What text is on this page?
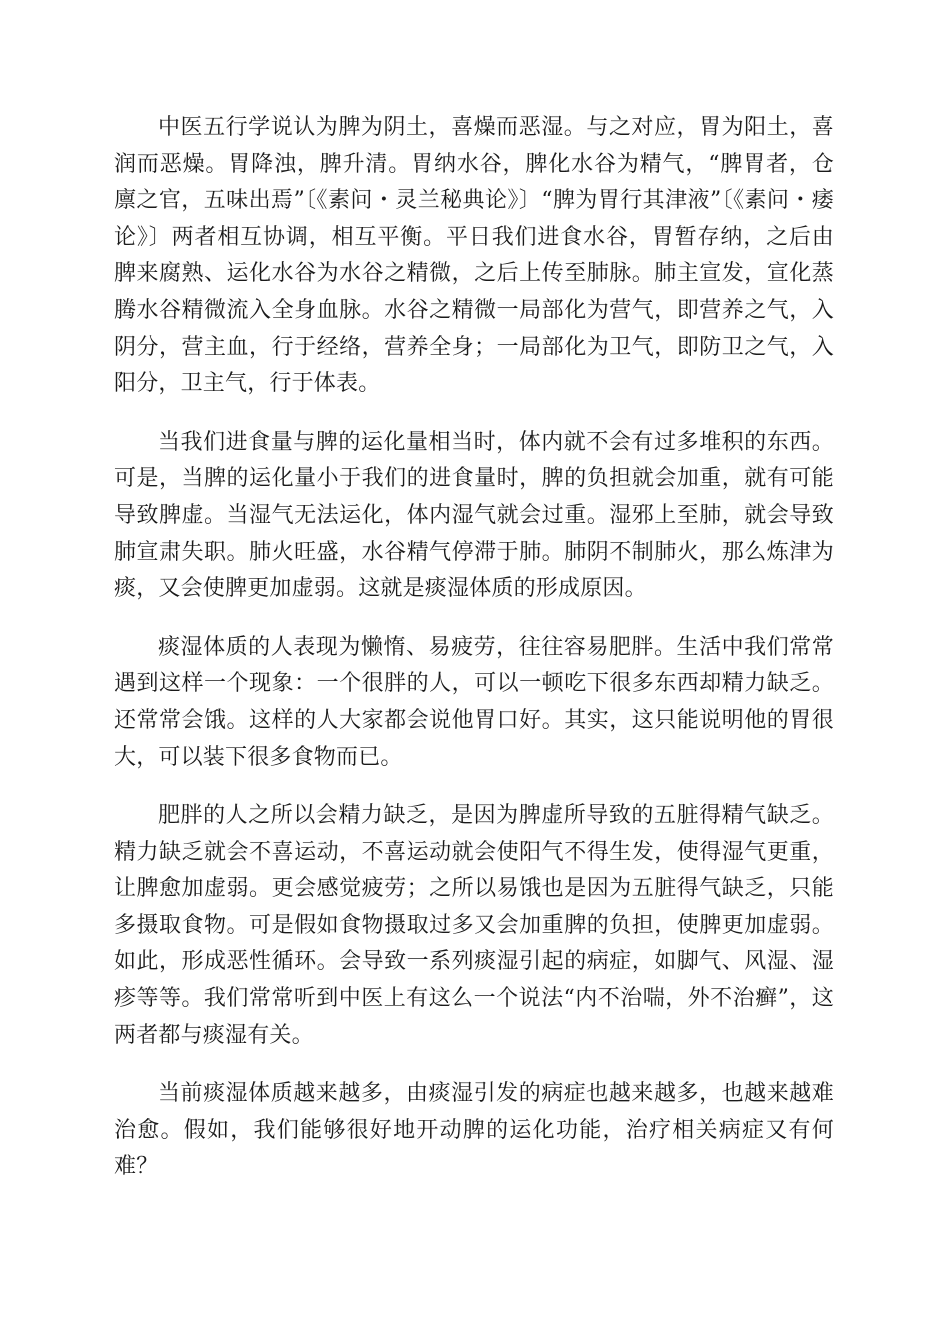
中医五行学说认为脾为阴土，喜燥而恶湿。与之对应，胃为阳土，喜润而恶燥。胃降浊，脾升清。胃纳水谷，脾化水谷为精气，“脾胃者，仓廪之官，五味出焉”〔《素问・灵兰秘典论》〕“脾为胃行其津液”〔《素问・痿论》〕两者相互协调，相互平衡。平日我们进食水谷，胃暂存纳，之后由脾来腐熟、运化水谷为水谷之精微，之后上传至肺脉。肺主宣发，宣化蒸腾水谷精微流入全身血脉。水谷之精微一局部化为营气，即营养之气，入阴分，营主血，行于经络，营养全身；一局部化为卫气，即防卫之气，入阳分，卫主气，行于体表。

当我们进食量与脾的运化量相当时，体内就不会有过多堆积的东西。可是，当脾的运化量小于我们的进食量时，脾的负担就会加重，就有可能导致脾虚。当湿气无法运化，体内湿气就会过重。湿邪上至肺，就会导致肺宣肃失职。肺火旺盛，水谷精气停滞于肺。肺阴不制肺火，那么炼津为痰，又会使脾更加虚弱。这就是痰湿体质的形成原因。

痰湿体质的人表现为懒惰、易疲劳，往往容易肥胖。生活中我们常常遇到这样一个现象：一个很胖的人，可以一顿吃下很多东西却精力缺乏。还常常会饿。这样的人大家都会说他胃口好。其实，这只能说明他的胃很大，可以装下很多食物而已。

肥胖的人之所以会精力缺乏，是因为脾虚所导致的五脏得精气缺乏。精力缺乏就会不喜运动，不喜运动就会使阳气不得生发，使得湿气更重，让脾愈加虚弱。更会感觉疲劳；之所以易饿也是因为五脏得气缺乏，只能多摄取食物。可是假如食物摄取过多又会加重脾的负担，使脾更加虚弱。如此，形成恶性循环。会导致一系列痰湿引起的病症，如脚气、风湿、湿疹等等。我们常常听到中医上有这么一个说法“内不治喘，外不治癣”，这两者都与痰湿有关。

当前痰湿体质越来越多，由痰湿引发的病症也越来越多，也越来越难治愈。假如，我们能够很好地开动脾的运化功能，治疗相关病症又有何难？
